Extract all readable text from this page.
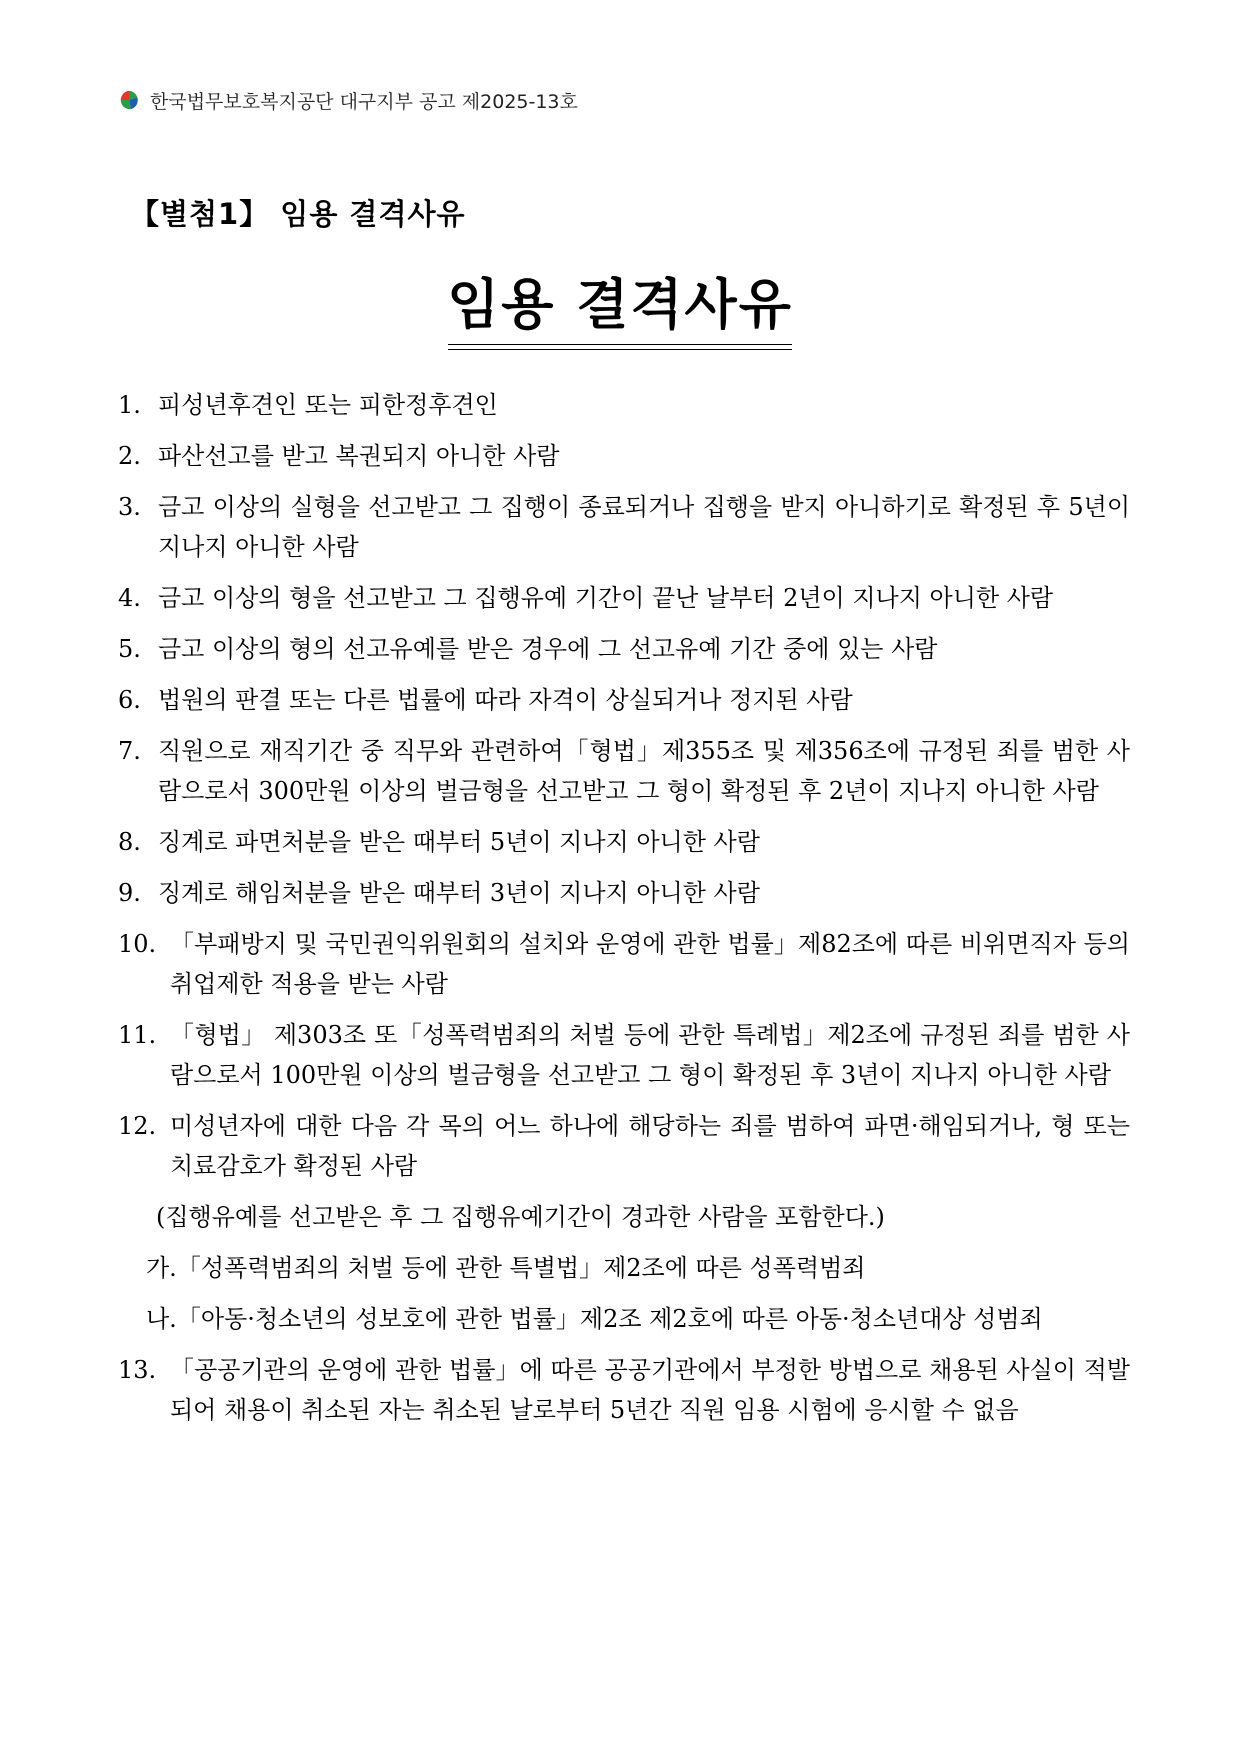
한국법무보호복지공단 대구지부 공고 제2025-13호
【별첨1】 임용 결격사유
임용 결격사유
1. 피성년후견인 또는 피한정후견인
2. 파산선고를 받고 복권되지 아니한 사람
3. 금고 이상의 실형을 선고받고 그 집행이 종료되거나 집행을 받지 아니하기로 확정된 후 5년이 지나지 아니한 사람
4. 금고 이상의 형을 선고받고 그 집행유예 기간이 끝난 날부터 2년이 지나지 아니한 사람
5. 금고 이상의 형의 선고유예를 받은 경우에 그 선고유예 기간 중에 있는 사람
6. 법원의 판결 또는 다른 법률에 따라 자격이 상실되거나 정지된 사람
7. 직원으로 재직기간 중 직무와 관련하여「형법」제355조 및 제356조에 규정된 죄를 범한 사람으로서 300만원 이상의 벌금형을 선고받고 그 형이 확정된 후 2년이 지나지 아니한 사람
8. 징계로 파면처분을 받은 때부터 5년이 지나지 아니한 사람
9. 징계로 해임처분을 받은 때부터 3년이 지나지 아니한 사람
10. 「부패방지 및 국민권익위원회의 설치와 운영에 관한 법률」제82조에 따른 비위면직자 등의 취업제한 적용을 받는 사람
11. 「형법」 제303조 또「성폭력범죄의 처벌 등에 관한 특례법」제2조에 규정된 죄를 범한 사람으로서 100만원 이상의 벌금형을 선고받고 그 형이 확정된 후 3년이 지나지 아니한 사람
12. 미성년자에 대한 다음 각 목의 어느 하나에 해당하는 죄를 범하여 파면·해임되거나, 형 또는 치료감호가 확정된 사람
(집행유예를 선고받은 후 그 집행유예기간이 경과한 사람을 포함한다.)
가.「성폭력범죄의 처벌 등에 관한 특별법」제2조에 따른 성폭력범죄
나.「아동·청소년의 성보호에 관한 법률」제2조 제2호에 따른 아동·청소년대상 성범죄
13. 「공공기관의 운영에 관한 법률」에 따른 공공기관에서 부정한 방법으로 채용된 사실이 적발되어 채용이 취소된 자는 취소된 날로부터 5년간 직원 임용 시험에 응시할 수 없음
